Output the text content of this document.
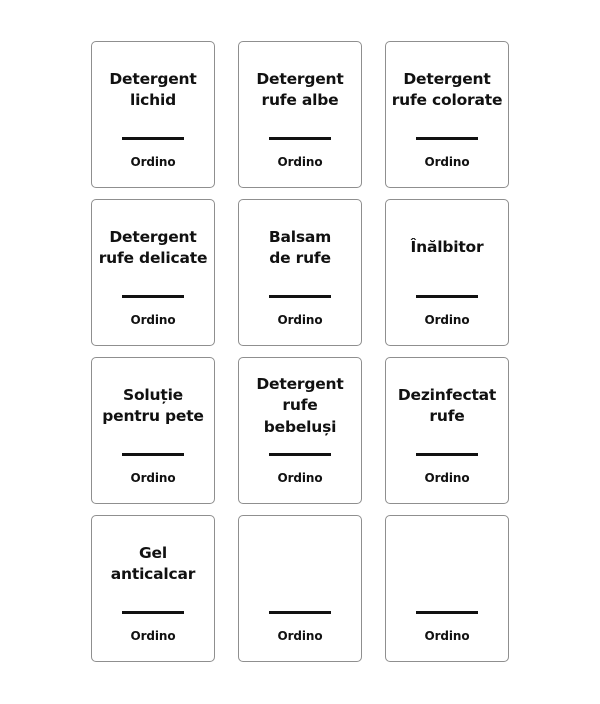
Detergent
lichid
Ordino
Detergent
rufe albe
Ordino
Detergent
rufe colorate
Ordino
Detergent
rufe delicate
Ordino
Balsam
de rufe
Ordino
Înălbitor
Ordino
Soluție
pentru pete
Ordino
Detergent
rufe
bebeluși
Ordino
Dezinfectat
rufe
Ordino
Gel
anticalcar
Ordino	Ordino	Ordino
